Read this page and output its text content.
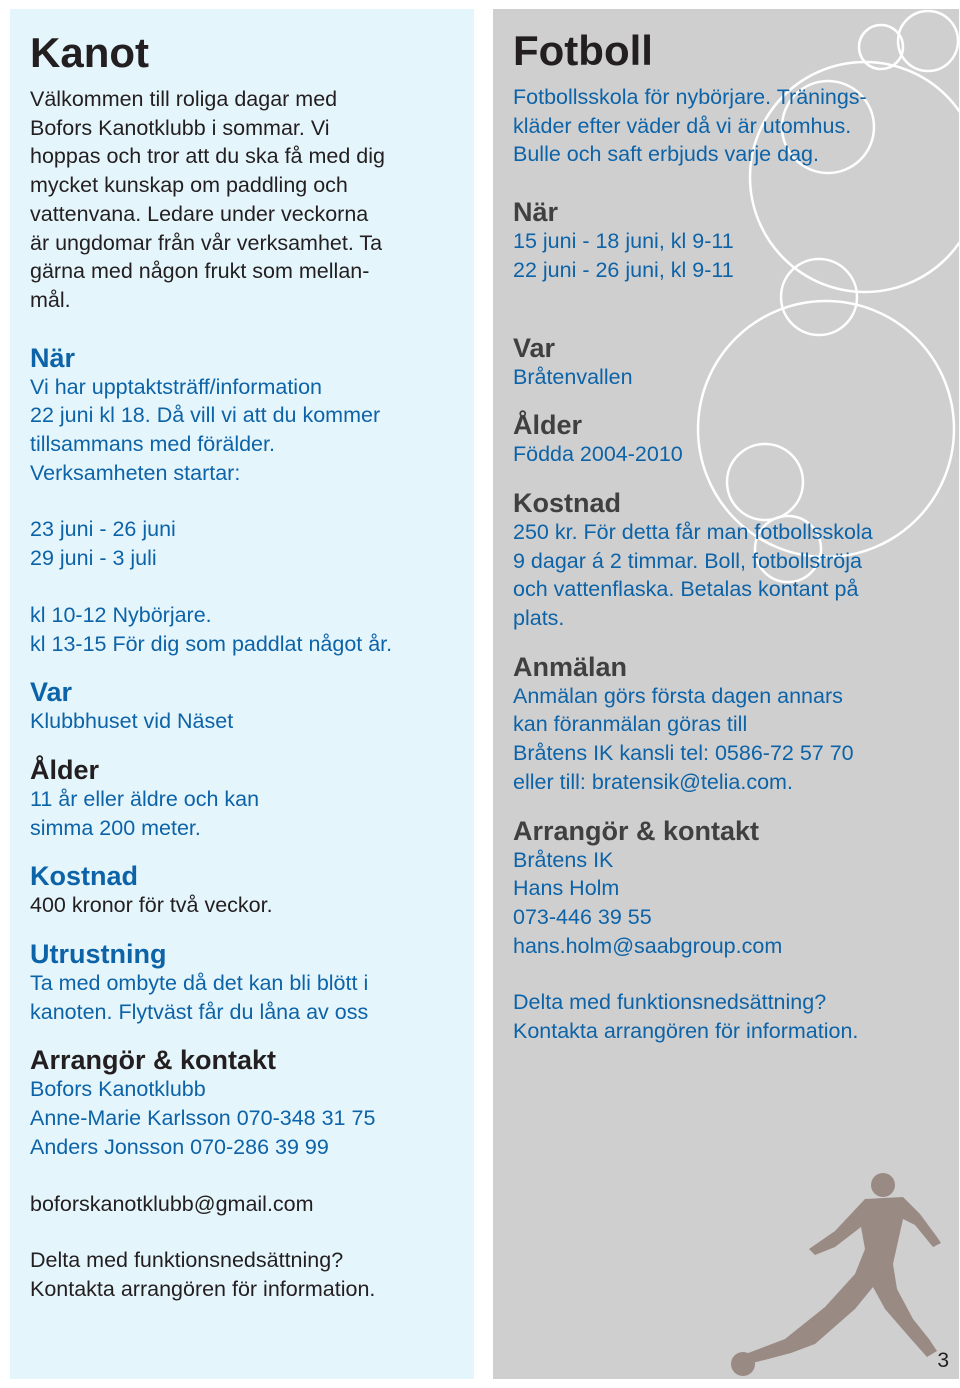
Kanot

Välkommen till roliga dagar med
Bofors Kanotklubb i sommar. Vi
hoppas och tror att du ska få med dig
mycket kunskap om paddling och
vattenvana. Ledare under veckorna
är ungdomar från vår verksamhet. Ta
gärna med någon frukt som mellan-
mål.

När

Vi har upptaktsträff/information
22 juni kl 18. Då vill vi att du kommer
tillsammans med förälder.
Verksamheten startar:

23 juni - 26 juni
29 juni - 3 juli

kl 10-12 Nybörjare.
kl 13-15 För dig som paddlat något år.

Var

Klubbhuset vid Näset

Ålder

11 år eller äldre och kan
simma 200 meter.

Kostnad

400 kronor för två veckor.

Utrustning

Ta med ombyte då det kan bli blött i
kanoten. Flytväst får du låna av oss

Arrangör & kontakt

Bofors Kanotklubb
Anne-Marie Karlsson 070-348 31 75
Anders Jonsson 070-286 39 99

boforskanotklubb@gmail.com

Delta med funktionsnedsättning?
Kontakta arrangören för information.

Fotboll

Fotbollsskola för nybörjare. Tränings-
kläder efter väder då vi är utomhus.
Bulle och saft erbjuds varje dag.

När

15 juni - 18 juni, kl 9-11
22 juni - 26 juni, kl 9-11

Var

Bråtenvallen

Ålder

Födda 2004-2010

Kostnad

250 kr. För detta får man fotbollsskola
9 dagar á 2 timmar. Boll, fotbollströja
och vattenflaska. Betalas kontant på
plats.

Anmälan

Anmälan görs första dagen annars
kan föranmälan göras till
Bråtens IK kansli tel: 0586-72 57 70
eller till: bratensik@telia.com.

Arrangör & kontakt

Bråtens IK
Hans Holm
073-446 39 55
hans.holm@saabgroup.com

Delta med funktionsnedsättning?
Kontakta arrangören för information.

3
